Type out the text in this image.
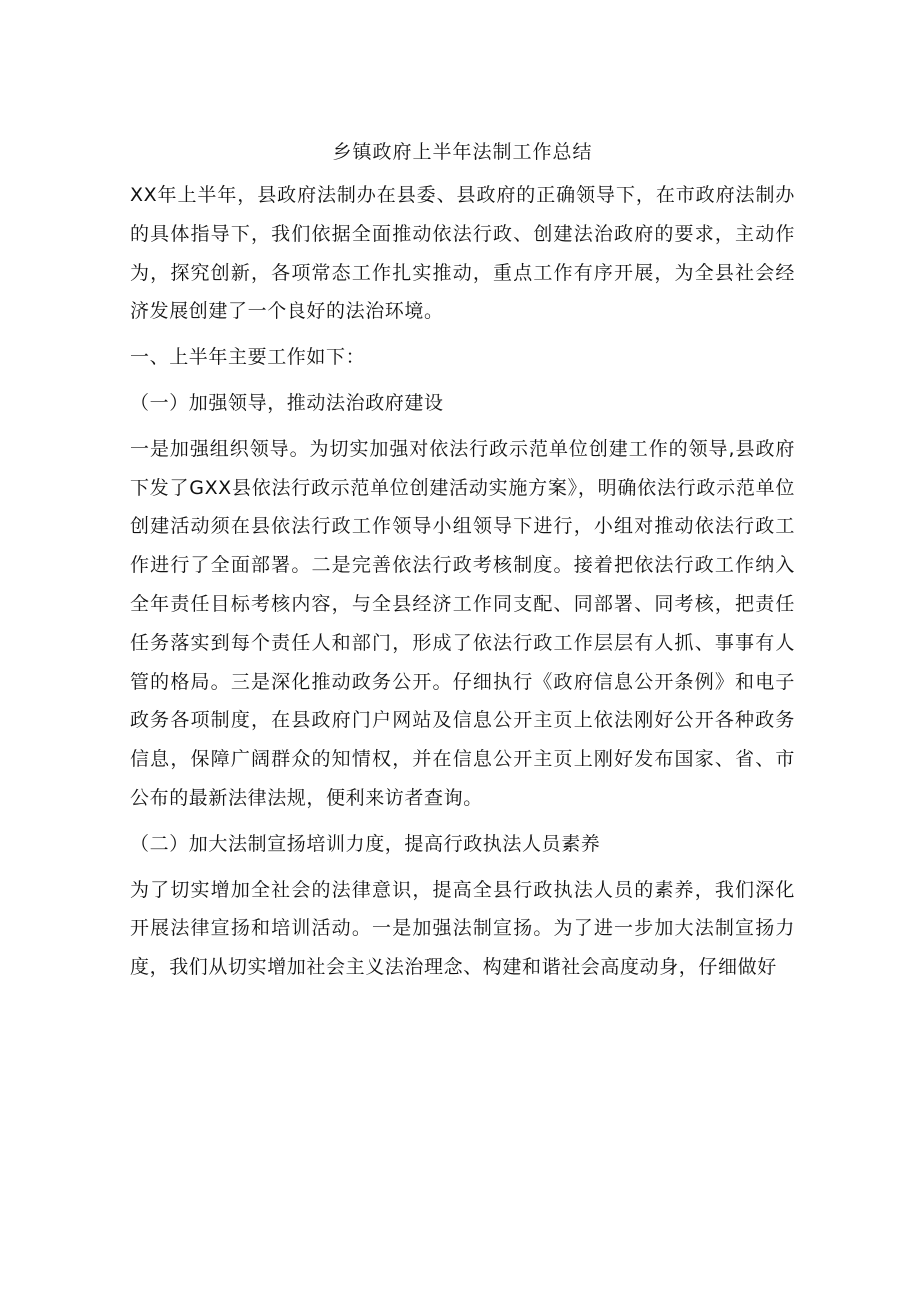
乡镇政府上半年法制工作总结
XX年上半年，县政府法制办在县委、县政府的正确领导下，在市政府法制办的具体指导下，我们依据全面推动依法行政、创建法治政府的要求，主动作为，探究创新，各项常态工作扎实推动，重点工作有序开展，为全县社会经济发展创建了一个良好的法治环境。
一、上半年主要工作如下：
（一）加强领导，推动法治政府建设
一是加强组织领导。为切实加强对依法行政示范单位创建工作的领导,县政府下发了GXX县依法行政示范单位创建活动实施方案》，明确依法行政示范单位创建活动须在县依法行政工作领导小组领导下进行，小组对推动依法行政工作进行了全面部署。二是完善依法行政考核制度。接着把依法行政工作纳入全年责任目标考核内容，与全县经济工作同支配、同部署、同考核，把责任任务落实到每个责任人和部门，形成了依法行政工作层层有人抓、事事有人管的格局。三是深化推动政务公开。仔细执行《政府信息公开条例》和电子政务各项制度，在县政府门户网站及信息公开主页上依法刚好公开各种政务信息，保障广阔群众的知情权，并在信息公开主页上刚好发布国家、省、市公布的最新法律法规，便利来访者查询。
（二）加大法制宣扬培训力度，提高行政执法人员素养
为了切实增加全社会的法律意识，提高全县行政执法人员的素养，我们深化开展法律宣扬和培训活动。一是加强法制宣扬。为了进一步加大法制宣扬力度，我们从切实增加社会主义法治理念、构建和谐社会高度动身，仔细做好
